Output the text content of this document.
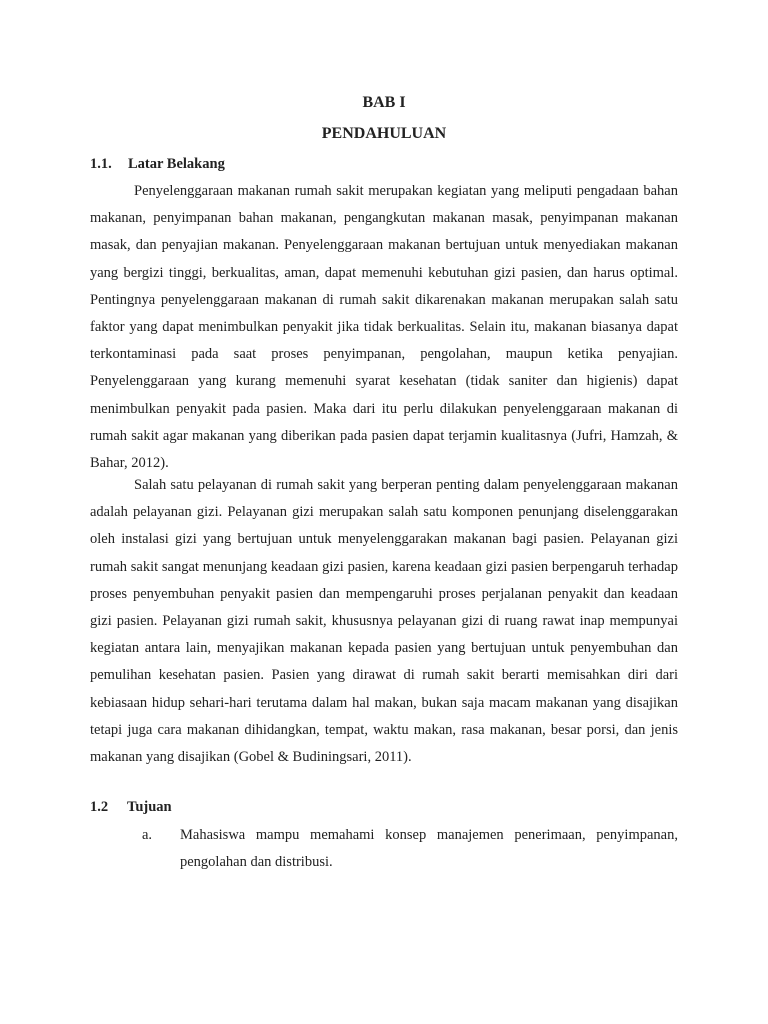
BAB I
PENDAHULUAN
1.1. Latar Belakang

Penyelenggaraan makanan rumah sakit merupakan kegiatan yang meliputi pengadaan bahan makanan, penyimpanan bahan makanan, pengangkutan makanan masak, penyimpanan makanan masak, dan penyajian makanan. Penyelenggaraan makanan bertujuan untuk menyediakan makanan yang bergizi tinggi, berkualitas, aman, dapat memenuhi kebutuhan gizi pasien, dan harus optimal. Pentingnya penyelenggaraan makanan di rumah sakit dikarenakan makanan merupakan salah satu faktor yang dapat menimbulkan penyakit jika tidak berkualitas. Selain itu, makanan biasanya dapat terkontaminasi pada saat proses penyimpanan, pengolahan, maupun ketika penyajian. Penyelenggaraan yang kurang memenuhi syarat kesehatan (tidak saniter dan higienis) dapat menimbulkan penyakit pada pasien. Maka dari itu perlu dilakukan penyelenggaraan makanan di rumah sakit agar makanan yang diberikan pada pasien dapat terjamin kualitasnya (Jufri, Hamzah, & Bahar, 2012).

Salah satu pelayanan di rumah sakit yang berperan penting dalam penyelenggaraan makanan adalah pelayanan gizi. Pelayanan gizi merupakan salah satu komponen penunjang diselenggarakan oleh instalasi gizi yang bertujuan untuk menyelenggarakan makanan bagi pasien. Pelayanan gizi rumah sakit sangat menunjang keadaan gizi pasien, karena keadaan gizi pasien berpengaruh terhadap proses penyembuhan penyakit pasien dan mempengaruhi proses perjalanan penyakit dan keadaan gizi pasien. Pelayanan gizi rumah sakit, khususnya pelayanan gizi di ruang rawat inap mempunyai kegiatan antara lain, menyajikan makanan kepada pasien yang bertujuan untuk penyembuhan dan pemulihan kesehatan pasien. Pasien yang dirawat di rumah sakit berarti memisahkan diri dari kebiasaan hidup sehari-hari terutama dalam hal makan, bukan saja macam makanan yang disajikan tetapi juga cara makanan dihidangkan, tempat, waktu makan, rasa makanan, besar porsi, dan jenis makanan yang disajikan (Gobel & Budiningsari, 2011).

1.2 Tujuan
a. Mahasiswa mampu memahami konsep manajemen penerimaan, penyimpanan, pengolahan dan distribusi.
